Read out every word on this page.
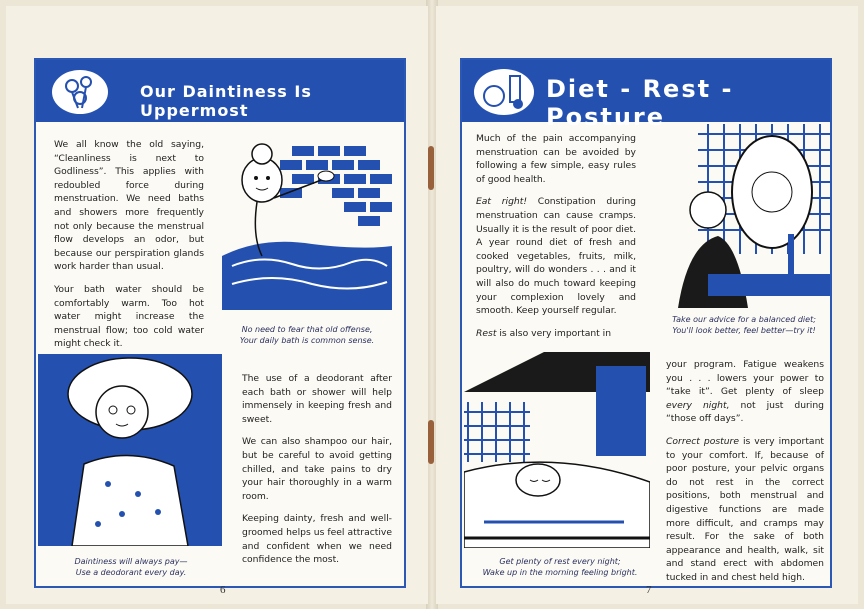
Our Daintiness Is Uppermost

We all know the old saying, “Cleanliness is next to Godliness”. This applies with redoubled force during menstruation. We need baths and showers more frequently not only because the menstrual flow develops an odor, but because our perspiration glands work harder than usual.

Your bath water should be comfortably warm. Too hot water might increase the menstrual flow; too cold water might check it.

No need to fear that old offense,
Your daily bath is common sense.
Daintiness will always pay—
Use a deodorant every day.

The use of a deodorant after each bath or shower will help immensely in keeping fresh and sweet.

We can also shampoo our hair, but be careful to avoid getting chilled, and take pains to dry your hair thoroughly in a warm room.

Keeping dainty, fresh and well-groomed helps us feel attractive and confident when we need confidence the most.

6
Diet - Rest - Posture

Much of the pain accompanying menstruation can be avoided by following a few simple, easy rules of good health.

Eat right! Constipation during menstruation can cause cramps. Usually it is the result of poor diet. A year round diet of fresh and cooked vegetables, fruits, milk, poultry, will do wonders . . . and it will also do much toward keeping your complexion lovely and smooth. Keep yourself regular.

Rest is also very important in

Take our advice for a balanced diet;
You'll look better, feel better—try it!
Get plenty of rest every night;
Wake up in the morning feeling bright.

your program. Fatigue weakens you . . . lowers your power to “take it”. Get plenty of sleep every night, not just during “those off days”.

Correct posture is very important to your comfort. If, because of poor posture, your pelvic organs do not rest in the correct positions, both menstrual and digestive functions are made more difficult, and cramps may result. For the sake of both appearance and health, walk, sit and stand erect with abdomen tucked in and chest held high.

7
